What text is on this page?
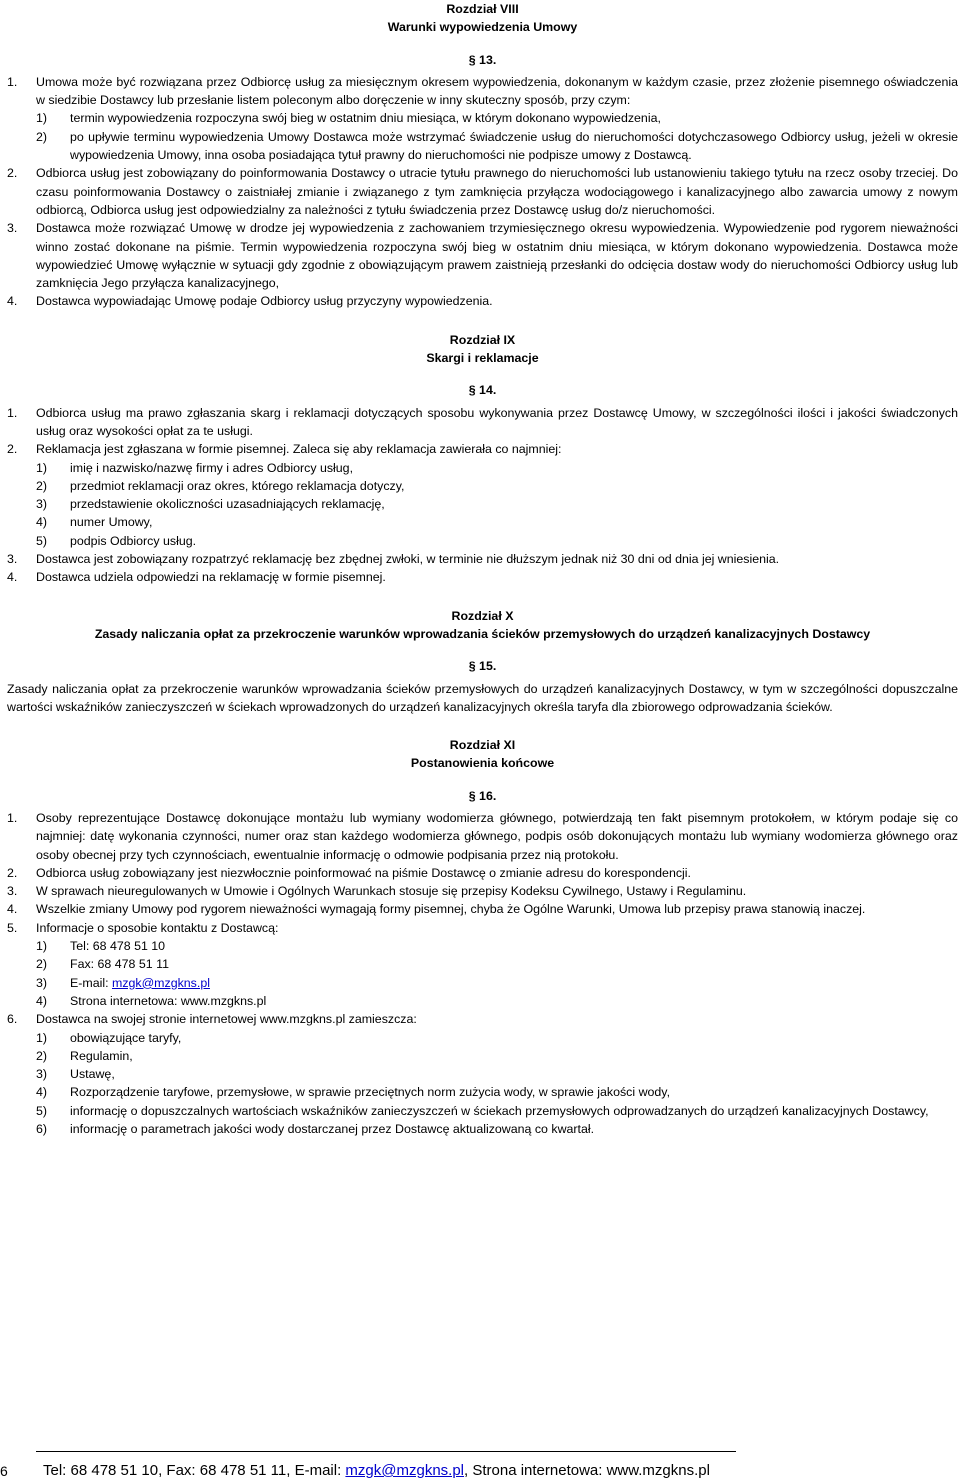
Rozdział VIII
Warunki wypowiedzenia Umowy
§ 13.
1.	Umowa może być rozwiązana przez Odbiorcę usług za miesięcznym okresem wypowiedzenia, dokonanym w każdym czasie, przez złożenie pisemnego oświadczenia w siedzibie Dostawcy lub przesłanie listem poleconym albo doręczenie w inny skuteczny sposób, przy czym:
1)	termin wypowiedzenia rozpoczyna swój bieg w ostatnim dniu miesiąca, w którym dokonano wypowiedzenia,
2)	po upływie terminu wypowiedzenia Umowy Dostawca może wstrzymać świadczenie usług do nieruchomości dotychczasowego Odbiorcy usług, jeżeli w okresie wypowiedzenia Umowy, inna osoba posiadająca tytuł prawny do nieruchomości nie podpisze umowy z Dostawcą.
2.	Odbiorca usług jest zobowiązany do poinformowania Dostawcy o utracie tytułu prawnego do nieruchomości lub ustanowieniu takiego tytułu na rzecz osoby trzeciej. Do czasu poinformowania Dostawcy o zaistniałej zmianie i związanego z tym zamknięcia przyłącza wodociągowego i kanalizacyjnego albo zawarcia umowy z nowym odbiorcą, Odbiorca usług jest odpowiedzialny za należności z tytułu świadczenia przez Dostawcę usług do/z nieruchomości.
3.	Dostawca może rozwiązać Umowę w drodze jej wypowiedzenia z zachowaniem trzymiesięcznego okresu wypowiedzenia. Wypowiedzenie pod rygorem nieważności winno zostać dokonane na piśmie. Termin wypowiedzenia rozpoczyna swój bieg w ostatnim dniu miesiąca, w którym dokonano wypowiedzenia. Dostawca może wypowiedzieć Umowę wyłącznie w sytuacji gdy zgodnie z obowiązującym prawem zaistnieją przesłanki do odcięcia dostaw wody do nieruchomości Odbiorcy usług lub zamknięcia Jego przyłącza kanalizacyjnego,
4.	Dostawca wypowiadając Umowę podaje Odbiorcy usług przyczyny wypowiedzenia.
Rozdział IX
Skargi i reklamacje
§ 14.
1.	Odbiorca usług ma prawo zgłaszania skarg i reklamacji dotyczących sposobu wykonywania przez Dostawcę Umowy, w szczególności ilości i jakości świadczonych usług oraz wysokości opłat za te usługi.
2.	Reklamacja jest zgłaszana w formie pisemnej. Zaleca się aby reklamacja zawierała co najmniej:
1)	imię i nazwisko/nazwę firmy i adres Odbiorcy usług,
2)	przedmiot reklamacji oraz okres, którego reklamacja dotyczy,
3)	przedstawienie okoliczności uzasadniających reklamację,
4)	numer Umowy,
5)	podpis Odbiorcy usług.
3.	Dostawca jest zobowiązany rozpatrzyć reklamację bez zbędnej zwłoki, w terminie nie dłuższym jednak niż 30 dni od dnia jej wniesienia.
4.	Dostawca udziela odpowiedzi na reklamację w formie pisemnej.
Rozdział X
Zasady naliczania opłat za przekroczenie warunków wprowadzania ścieków przemysłowych do urządzeń kanalizacyjnych Dostawcy
§ 15.
Zasady naliczania opłat za przekroczenie warunków wprowadzania ścieków przemysłowych do urządzeń kanalizacyjnych Dostawcy, w tym w szczególności dopuszczalne wartości wskaźników zanieczyszczeń w ściekach wprowadzonych do urządzeń kanalizacyjnych określa taryfa dla zbiorowego odprowadzania ścieków.
Rozdział XI
Postanowienia końcowe
§ 16.
1.	Osoby reprezentujące Dostawcę dokonujące montażu lub wymiany wodomierza głównego, potwierdzają ten fakt pisemnym protokołem, w którym podaje się co najmniej: datę wykonania czynności, numer oraz stan każdego wodomierza głównego, podpis osób dokonujących montażu lub wymiany wodomierza głównego oraz osoby obecnej przy tych czynnościach, ewentualnie informację o odmowie podpisania przez nią protokołu.
2.	Odbiorca usług zobowiązany jest niezwłocznie poinformować na piśmie Dostawcę o zmianie adresu do korespondencji.
3.	W sprawach nieuregulowanych w Umowie i Ogólnych Warunkach stosuje się przepisy Kodeksu Cywilnego, Ustawy i Regulaminu.
4.	Wszelkie zmiany Umowy pod rygorem nieważności wymagają formy pisemnej, chyba że Ogólne Warunki, Umowa lub przepisy prawa stanowią inaczej.
5.	Informacje o sposobie kontaktu z Dostawcą:
1)	Tel: 68 478 51 10
2)	Fax: 68 478 51 11
3)	E-mail: mzgk@mzgkns.pl
4)	Strona internetowa: www.mzgkns.pl
6.	Dostawca na swojej stronie internetowej www.mzgkns.pl zamieszcza:
1)	obowiązujące taryfy,
2)	Regulamin,
3)	Ustawę,
4)	Rozporządzenie taryfowe, przemysłowe, w sprawie przeciętnych norm zużycia wody, w sprawie jakości wody,
5)	informację o dopuszczalnych wartościach wskaźników zanieczyszczeń w ściekach przemysłowych odprowadzanych do urządzeń kanalizacyjnych Dostawcy,
6)	informację o parametrach jakości wody dostarczanej przez Dostawcę aktualizowaną co kwartał.
6 Tel: 68 478 51 10, Fax: 68 478 51 11, E-mail: mzgk@mzgkns.pl, Strona internetowa: www.mzgkns.pl
